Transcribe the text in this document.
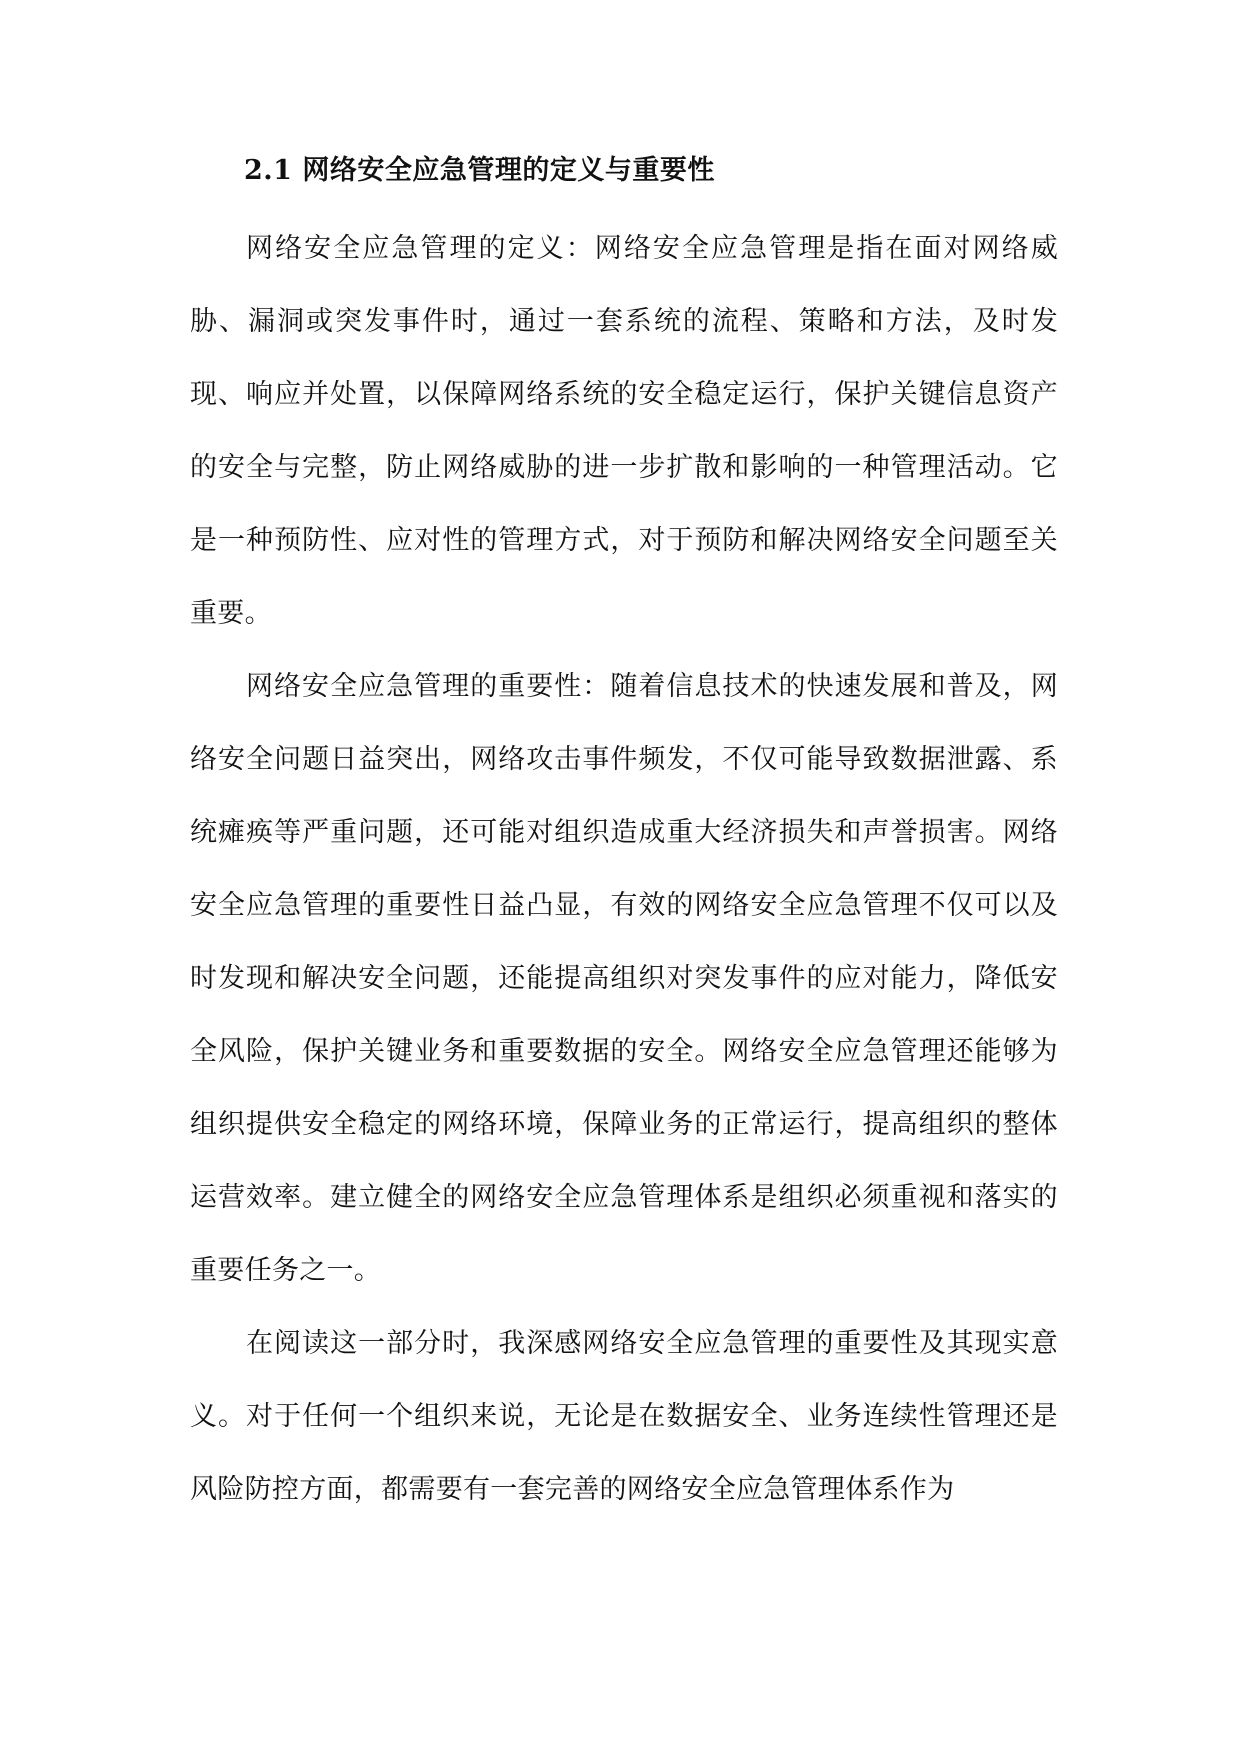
2.1 网络安全应急管理的定义与重要性

网络安全应急管理的定义：网络安全应急管理是指在面对网络威胁、漏洞或突发事件时，通过一套系统的流程、策略和方法，及时发现、响应并处置，以保障网络系统的安全稳定运行，保护关键信息资产的安全与完整，防止网络威胁的进一步扩散和影响的一种管理活动。它是一种预防性、应对性的管理方式，对于预防和解决网络安全问题至关重要。

网络安全应急管理的重要性：随着信息技术的快速发展和普及，网络安全问题日益突出，网络攻击事件频发，不仅可能导致数据泄露、系统瘫痪等严重问题，还可能对组织造成重大经济损失和声誉损害。网络安全应急管理的重要性日益凸显，有效的网络安全应急管理不仅可以及时发现和解决安全问题，还能提高组织对突发事件的应对能力，降低安全风险，保护关键业务和重要数据的安全。网络安全应急管理还能够为组织提供安全稳定的网络环境，保障业务的正常运行，提高组织的整体运营效率。建立健全的网络安全应急管理体系是组织必须重视和落实的重要任务之一。

在阅读这一部分时，我深感网络安全应急管理的重要性及其现实意义。对于任何一个组织来说，无论是在数据安全、业务连续性管理还是风险防控方面，都需要有一套完善的网络安全应急管理体系作为
